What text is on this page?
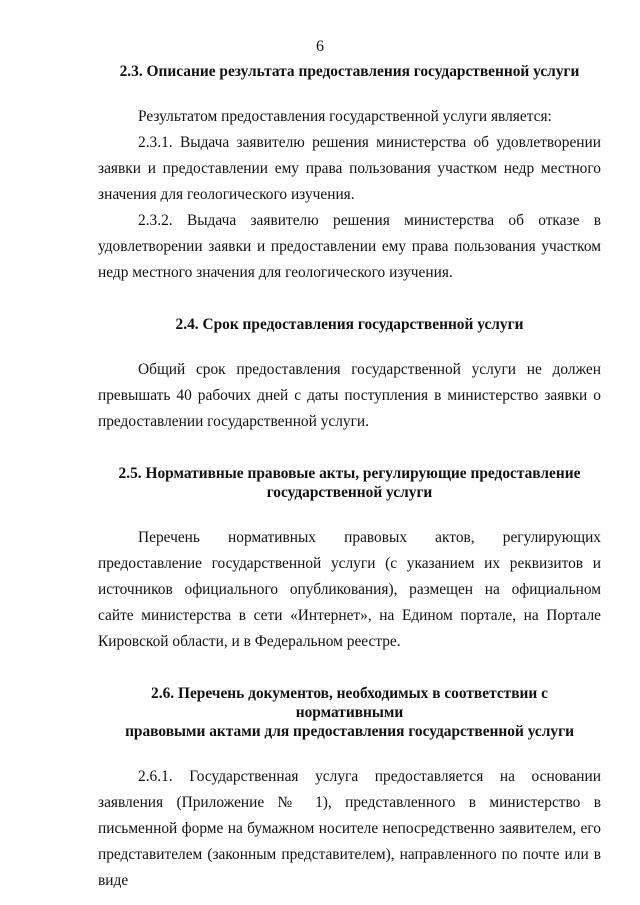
6
2.3. Описание результата предоставления государственной услуги

Результатом предоставления государственной услуги является:

2.3.1. Выдача заявителю решения министерства об удовлетворении заявки и предоставлении ему права пользования участком недр местного значения для геологического изучения.

2.3.2. Выдача заявителю решения министерства об отказе в удовлетворении заявки и предоставлении ему права пользования участком недр местного значения для геологического изучения.

2.4. Срок предоставления государственной услуги

Общий срок предоставления государственной услуги не должен превышать 40 рабочих дней с даты поступления в министерство заявки о предоставлении государственной услуги.

2.5. Нормативные правовые акты, регулирующие предоставление
государственной услуги

Перечень нормативных правовых актов, регулирующих предоставление государственной услуги (с указанием их реквизитов и источников официального опубликования), размещен на официальном сайте министерства в сети «Интернет», на Едином портале, на Портале Кировской области, и в Федеральном реестре.

2.6. Перечень документов, необходимых в соответствии с нормативными
правовыми актами для предоставления государственной услуги

2.6.1. Государственная услуга предоставляется на основании заявления (Приложение № 1), представленного в министерство в письменной форме на бумажном носителе непосредственно заявителем, его представителем (законным представителем), направленного по почте или в виде
